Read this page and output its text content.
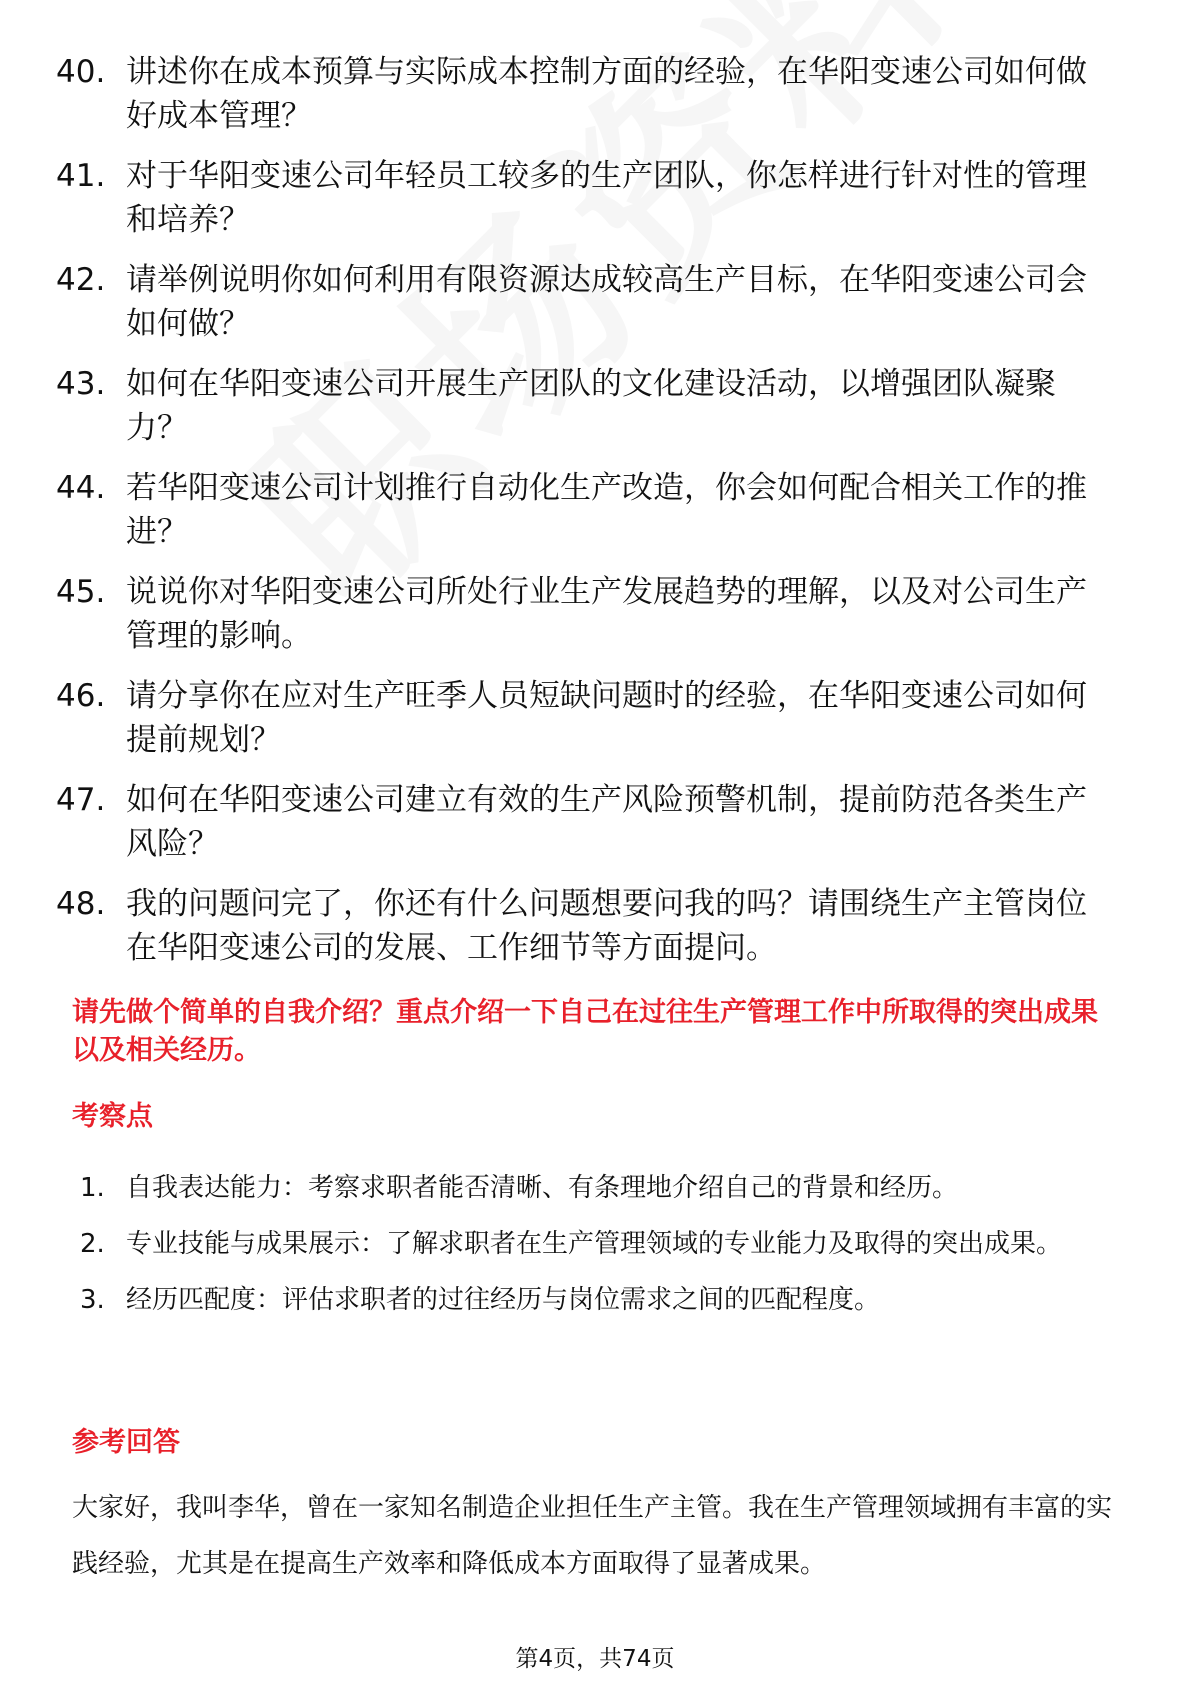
40. 讲述你在成本预算与实际成本控制方面的经验，在华阳变速公司如何做好成本管理？
41. 对于华阳变速公司年轻员工较多的生产团队，你怎样进行针对性的管理和培养？
42. 请举例说明你如何利用有限资源达成较高生产目标，在华阳变速公司会如何做？
43. 如何在华阳变速公司开展生产团队的文化建设活动，以增强团队凝聚力？
44. 若华阳变速公司计划推行自动化生产改造，你会如何配合相关工作的推进？
45. 说说你对华阳变速公司所处行业生产发展趋势的理解，以及对公司生产管理的影响。
46. 请分享你在应对生产旺季人员短缺问题时的经验，在华阳变速公司如何提前规划？
47. 如何在华阳变速公司建立有效的生产风险预警机制，提前防范各类生产风险？
48. 我的问题问完了，你还有什么问题想要问我的吗？请围绕生产主管岗位在华阳变速公司的发展、工作细节等方面提问。
请先做个简单的自我介绍？重点介绍一下自己在过往生产管理工作中所取得的突出成果以及相关经历。
考察点
1. 自我表达能力：考察求职者能否清晰、有条理地介绍自己的背景和经历。
2. 专业技能与成果展示：了解求职者在生产管理领域的专业能力及取得的突出成果。
3. 经历匹配度：评估求职者的过往经历与岗位需求之间的匹配程度。
参考回答

大家好，我叫李华，曾在一家知名制造企业担任生产主管。我在生产管理领域拥有丰富的实践经验，尤其是在提高生产效率和降低成本方面取得了显著成果。

第4页，共74页
